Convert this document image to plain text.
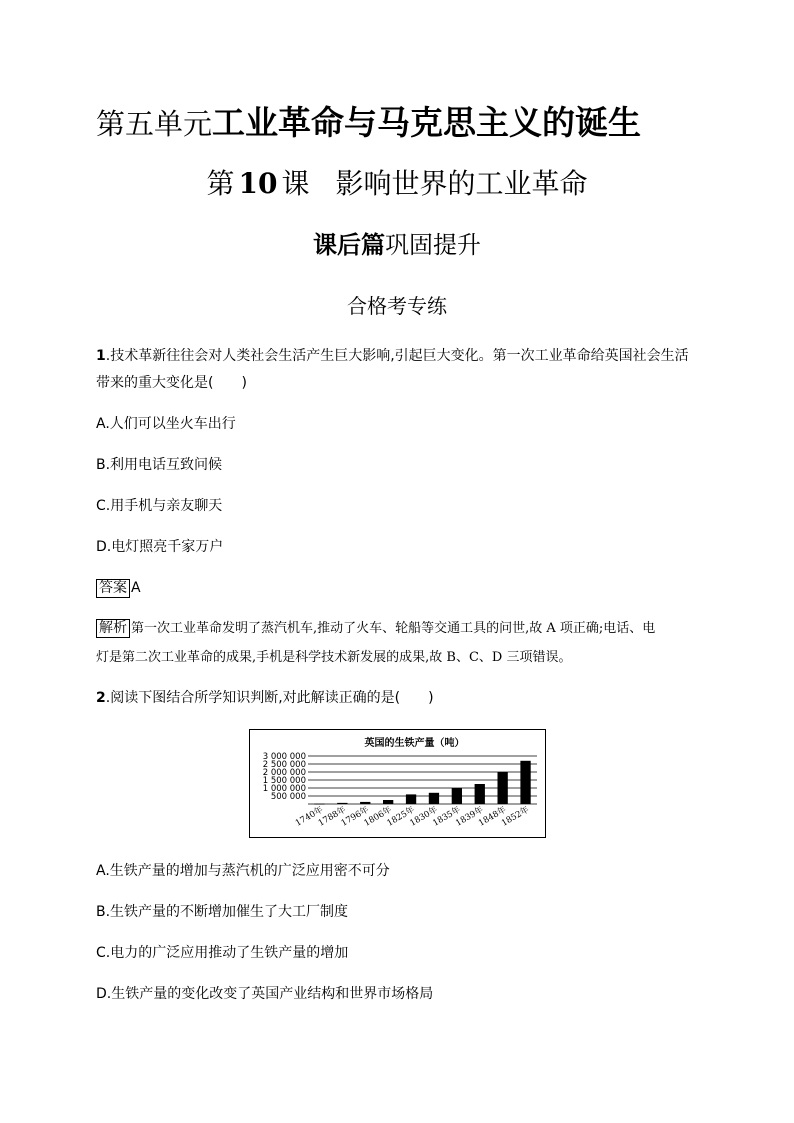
第五单元工业革命与马克思主义的诞生
第 10 课 影响世界的工业革命
课后篇巩固提升
合格考专练
1.技术革新往往会对人类社会生活产生巨大影响,引起巨大变化。第一次工业革命给英国社会生活
带来的重大变化是(　　)
A.人们可以坐火车出行
B.利用电话互致问候
C.用手机与亲友聊天
D.电灯照亮千家万户
答案 A
解析 第一次工业革命发明了蒸汽机车,推动了火车、轮船等交通工具的问世,故 A 项正确;电话、电
灯是第二次工业革命的成果,手机是科学技术新发展的成果,故 B、C、D 三项错误。
2.阅读下图结合所学知识判断,对此解读正确的是(　　)
英国的生铁产量（吨）
3 000 000
2 500 000
2 000 000
1 500 000
1 000 000
500 000
1740年
1788年
1796年
1806年
1825年
1830年
1835年
1839年
1848年
1852年
A.生铁产量的增加与蒸汽机的广泛应用密不可分
B.生铁产量的不断增加催生了大工厂制度
C.电力的广泛应用推动了生铁产量的增加
D.生铁产量的变化改变了英国产业结构和世界市场格局
